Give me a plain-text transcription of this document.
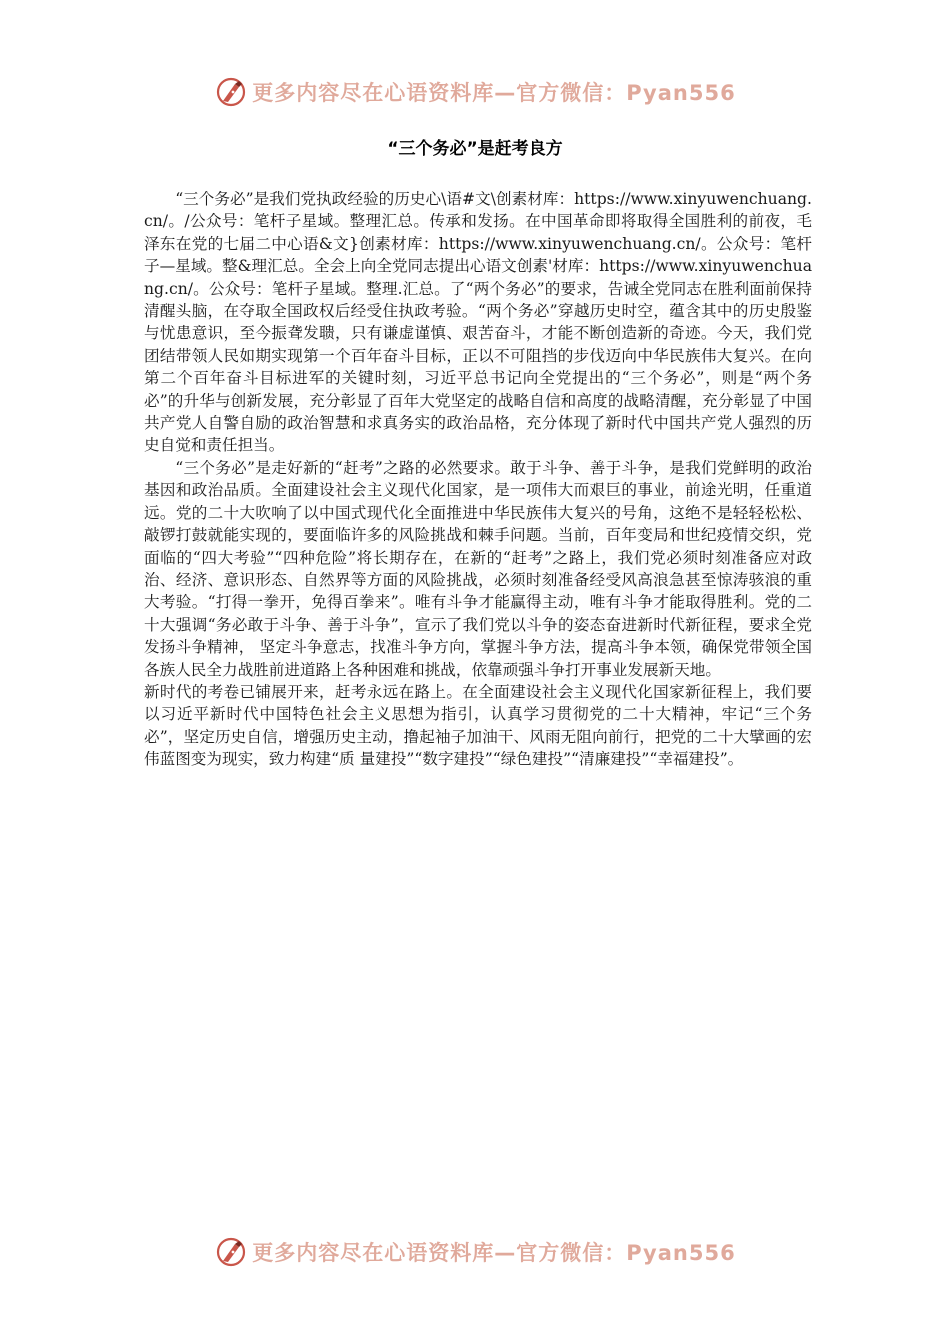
更多内容尽在心语资料库—官方微信：Pyan556
“三个务必”是赶考良方

“三个务必”是我们党执政经验的历史心\语#文\创素材库：https://www.xinyuwenchuang.cn/。/公众号：笔杆子星域。整理汇总。传承和发扬。在中国革命即将取得全国胜利的前夜，毛泽东在党的七届二中心语&文}创素材库：https://www.xinyuwenchuang.cn/。公众号：笔杆子—星域。整&理汇总。全会上向全党同志提出心语文创素'材库：https://www.xinyuwenchuang.cn/。公众号：笔杆子星域。整理.汇总。了“两个务必”的要求，告诫全党同志在胜利面前保持清醒头脑，在夺取全国政权后经受住执政考验。“两个务必”穿越历史时空，蕴含其中的历史殷鉴与忧患意识，至今振聋发聩，只有谦虚谨慎、艰苦奋斗，才能不断创造新的奇迹。今天，我们党团结带领人民如期实现第一个百年奋斗目标，正以不可阻挡的步伐迈向中华民族伟大复兴。在向第二个百年奋斗目标进军的关键时刻，习近平总书记向全党提出的“三个务必”，则是“两个务必”的升华与创新发展，充分彰显了百年大党坚定的战略自信和高度的战略清醒，充分彰显了中国共产党人自警自励的政治智慧和求真务实的政治品格，充分体现了新时代中国共产党人强烈的历史自觉和责任担当。

“三个务必”是走好新的“赶考”之路的必然要求。敢于斗争、善于斗争，是我们党鲜明的政治基因和政治品质。全面建设社会主义现代化国家，是一项伟大而艰巨的事业，前途光明，任重道远。党的二十大吹响了以中国式现代化全面推进中华民族伟大复兴的号角，这绝不是轻轻松松、敲锣打鼓就能实现的，要面临许多的风险挑战和棘手问题。当前，百年变局和世纪疫情交织，党面临的“四大考验”“四种危险”将长期存在，在新的“赶考”之路上，我们党必须时刻准备应对政治、经济、意识形态、自然界等方面的风险挑战，必须时刻准备经受风高浪急甚至惊涛骇浪的重大考验。“打得一拳开，免得百拳来”。唯有斗争才能赢得主动，唯有斗争才能取得胜利。党的二十大强调“务必敢于斗争、善于斗争”，宣示了我们党以斗争的姿态奋进新时代新征程，要求全党发扬斗争精神， 坚定斗争意志，找准斗争方向，掌握斗争方法，提高斗争本领，确保党带领全国各族人民全力战胜前进道路上各种困难和挑战，依靠顽强斗争打开事业发展新天地。

新时代的考卷已铺展开来，赶考永远在路上。在全面建设社会主义现代化国家新征程上，我们要以习近平新时代中国特色社会主义思想为指引，认真学习贯彻党的二十大精神，牢记“三个务必”，坚定历史自信，增强历史主动，撸起袖子加油干、风雨无阻向前行，把党的二十大擘画的宏伟蓝图变为现实，致力构建“质 量建投”“数字建投”“绿色建投”“清廉建投”“幸福建投”。

更多内容尽在心语资料库—官方微信：Pyan556
